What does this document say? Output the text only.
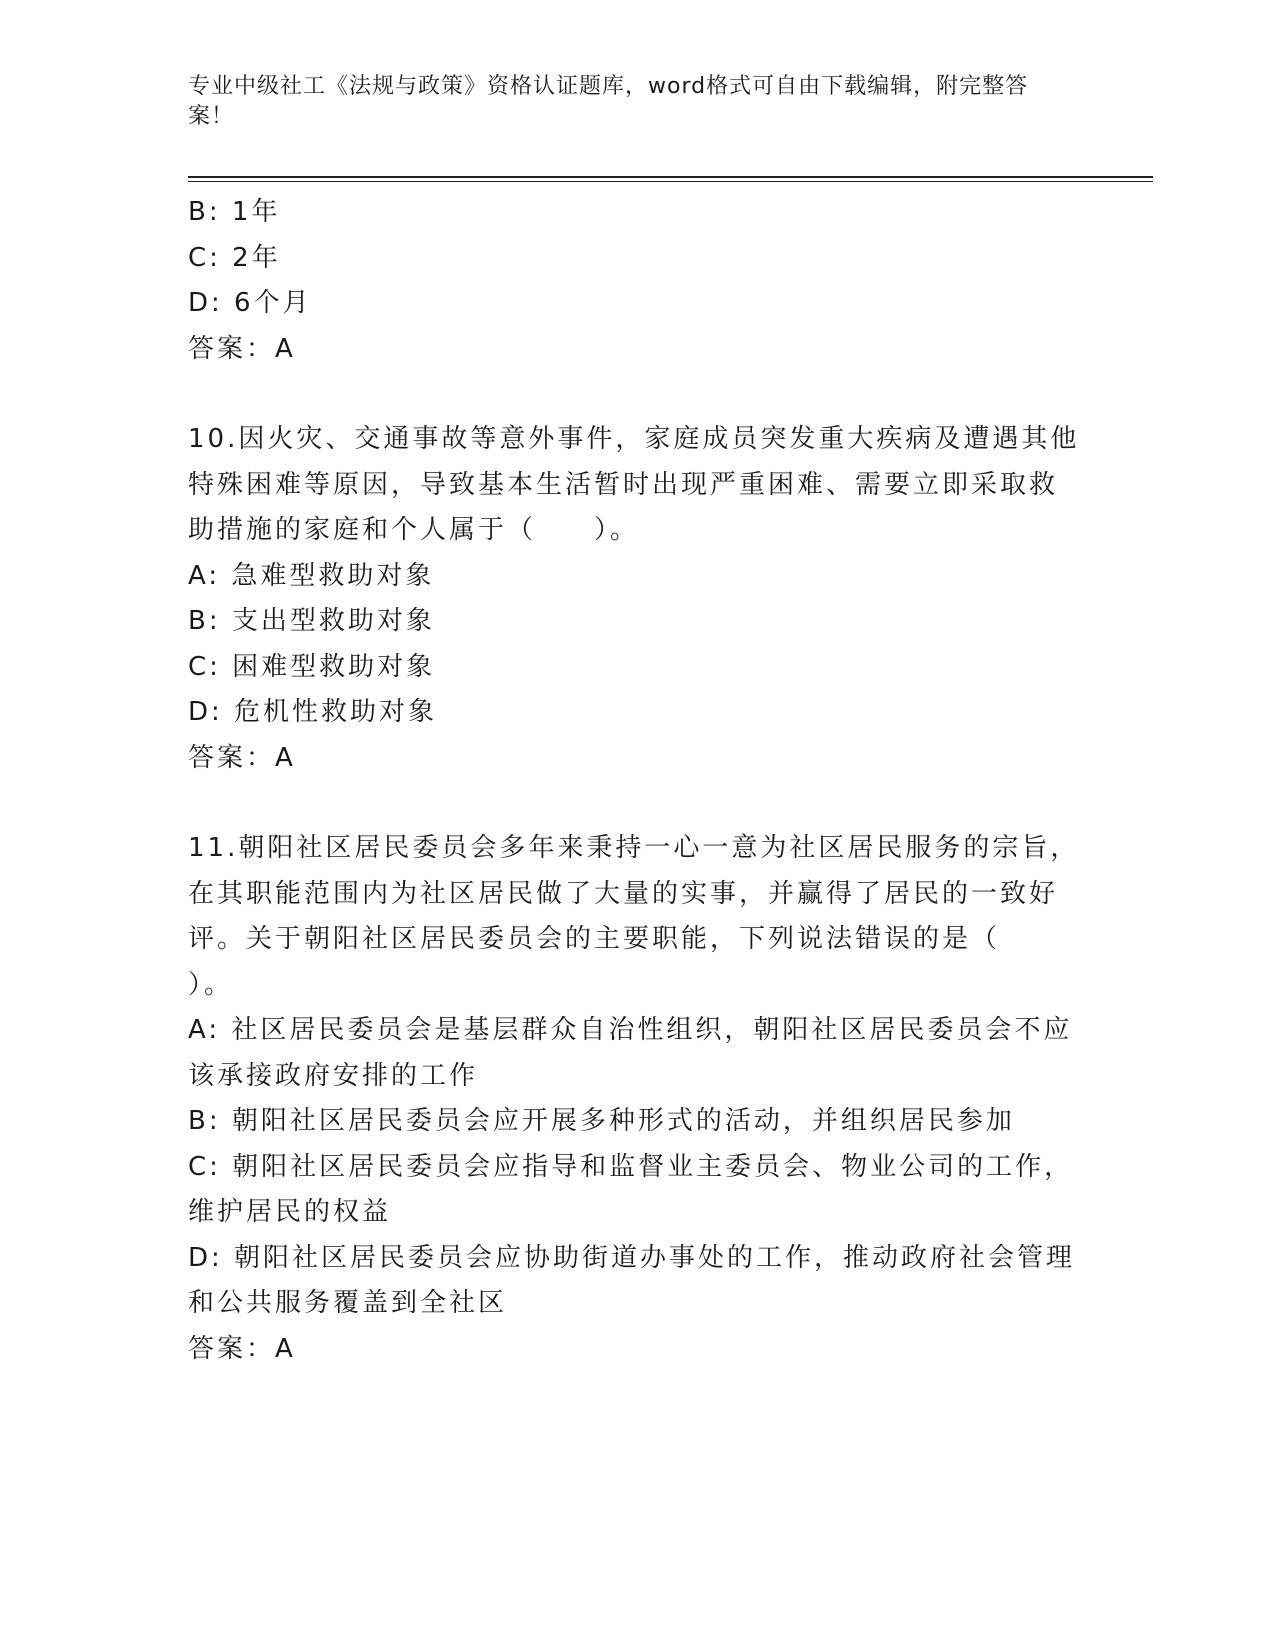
专业中级社工《法规与政策》资格认证题库，word格式可自由下载编辑，附完整答案！
B: 1年
C: 2年
D: 6个月
答案：A
10.因火灾、交通事故等意外事件，家庭成员突发重大疾病及遭遇其他
特殊困难等原因，导致基本生活暂时出现严重困难、需要立即采取救
助措施的家庭和个人属于（　　）。
A: 急难型救助对象
B: 支出型救助对象
C: 困难型救助对象
D: 危机性救助对象
答案：A
11.朝阳社区居民委员会多年来秉持一心一意为社区居民服务的宗旨，
在其职能范围内为社区居民做了大量的实事，并赢得了居民的一致好
评。关于朝阳社区居民委员会的主要职能，下列说法错误的是（
）。
A: 社区居民委员会是基层群众自治性组织，朝阳社区居民委员会不应
该承接政府安排的工作
B: 朝阳社区居民委员会应开展多种形式的活动，并组织居民参加
C: 朝阳社区居民委员会应指导和监督业主委员会、物业公司的工作，
维护居民的权益
D: 朝阳社区居民委员会应协助街道办事处的工作，推动政府社会管理
和公共服务覆盖到全社区
答案：A
